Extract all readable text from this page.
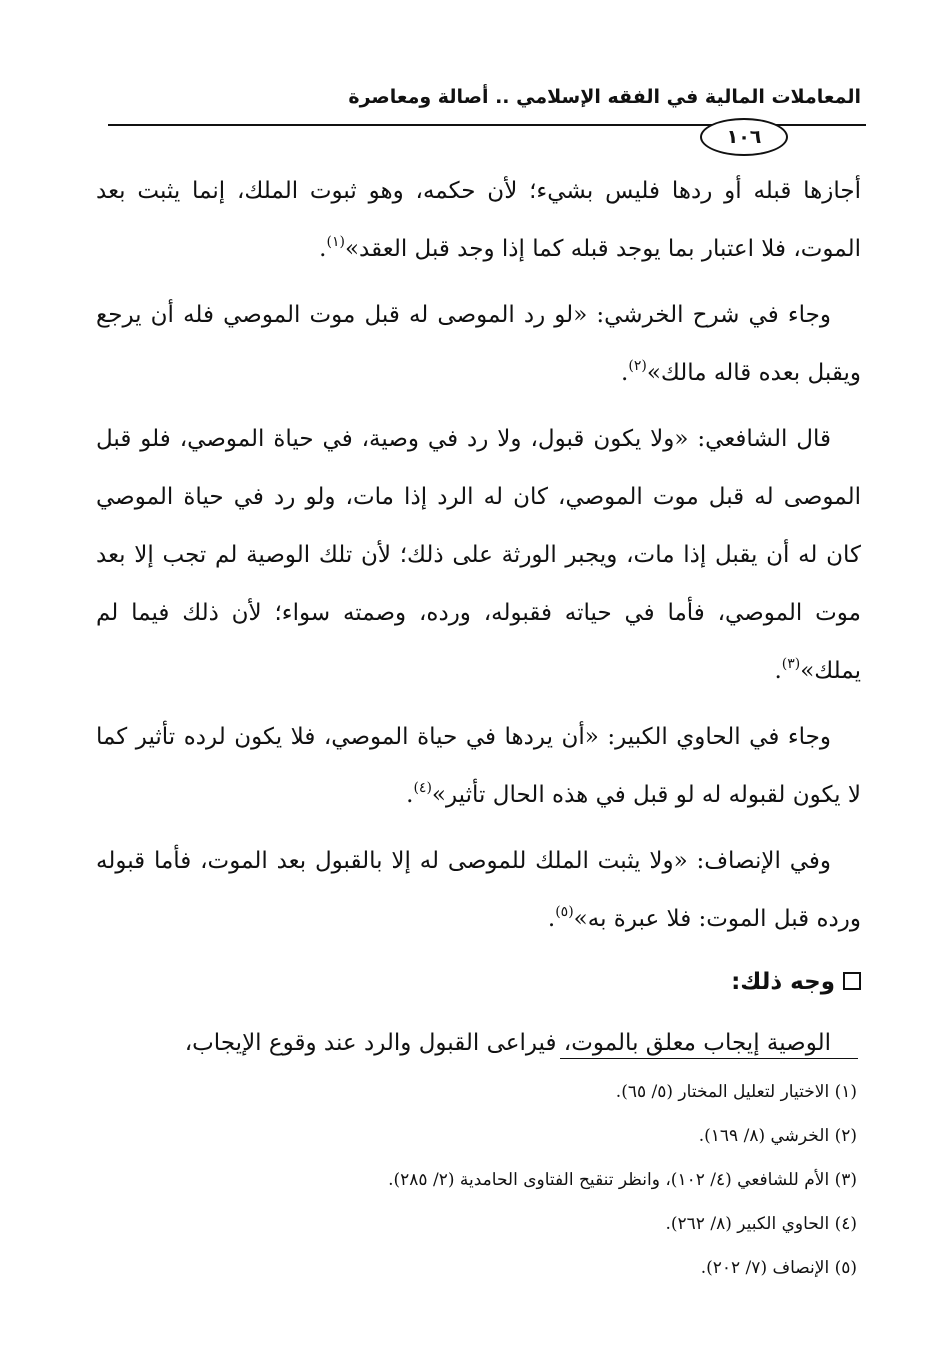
المعاملات المالية في الفقه الإسلامي .. أصالة ومعاصرة
١٠٦

أجازها قبله أو ردها فليس بشيء؛ لأن حكمه، وهو ثبوت الملك، إنما يثبت بعد الموت، فلا اعتبار بما يوجد قبله كما إذا وجد قبل العقد»$^{(١)}$.

وجاء في شرح الخرشي: «لو رد الموصى له قبل موت الموصي فله أن يرجع ويقبل بعده قاله مالك»$^{(٢)}$.

قال الشافعي: «ولا يكون قبول، ولا رد في وصية، في حياة الموصي، فلو قبل الموصى له قبل موت الموصي، كان له الرد إذا مات، ولو رد في حياة الموصي كان له أن يقبل إذا مات، ويجبر الورثة على ذلك؛ لأن تلك الوصية لم تجب إلا بعد موت الموصي، فأما في حياته فقبوله، ورده، وصمته سواء؛ لأن ذلك فيما لم يملك»$^{(٣)}$.

وجاء في الحاوي الكبير: «أن يردها في حياة الموصي، فلا يكون لرده تأثير كما لا يكون لقبوله له لو قبل في هذه الحال تأثير»$^{(٤)}$.

وفي الإنصاف: «ولا يثبت الملك للموصى له إلا بالقبول بعد الموت، فأما قبوله ورده قبل الموت: فلا عبرة به»$^{(٥)}$.

وجه ذلك:

الوصية إيجاب معلق بالموت، فيراعى القبول والرد عند وقوع الإيجاب،

(١) الاختيار لتعليل المختار (٥/ ٦٥).
(٢) الخرشي (٨/ ١٦٩).
(٣) الأم للشافعي (٤/ ١٠٢)، وانظر تنقيح الفتاوى الحامدية (٢/ ٢٨٥).
(٤) الحاوي الكبير (٨/ ٢٦٢).
(٥) الإنصاف (٧/ ٢٠٢).
